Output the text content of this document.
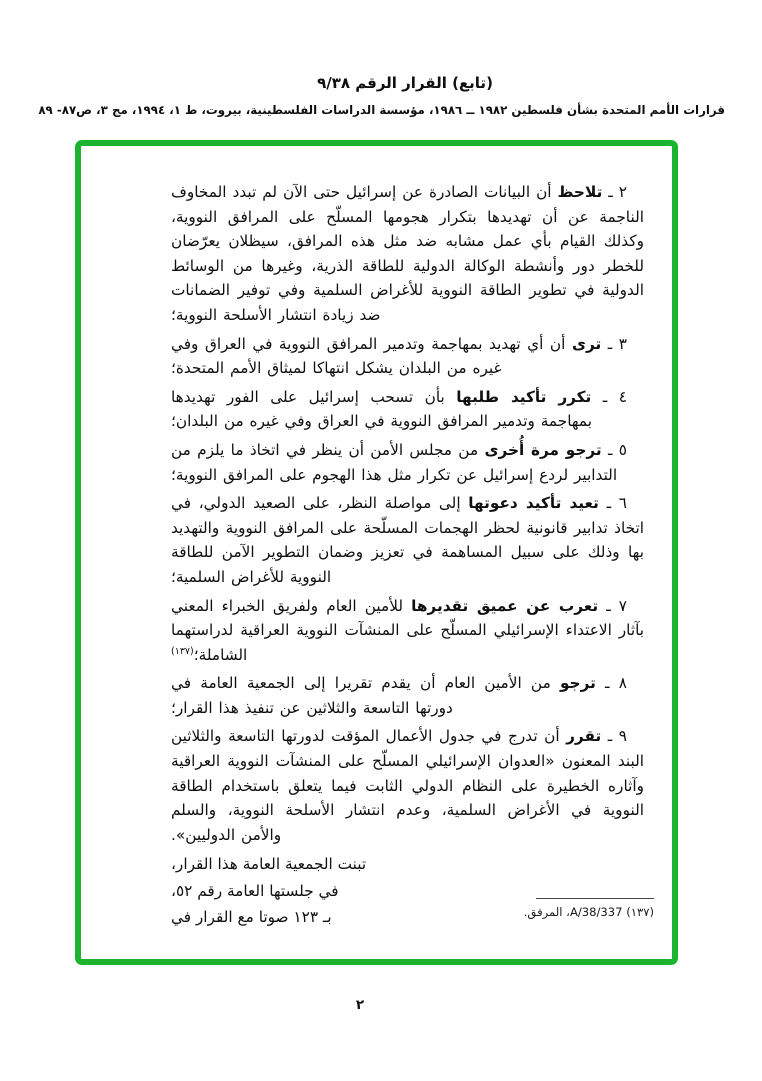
(تابع) القرار الرقم ٩/٣٨
قرارات الأمم المتحدة بشأن فلسطين ١٩٨٢ ــ ١٩٨٦، مؤسسة الدراسات الفلسطينية، بيروت، ط ١، ١٩٩٤، مج ٣، ص٨٧- ٨٩

٢ ـ تلاحظ أن البيانات الصادرة عن إسرائيل حتى الآن لم تبدد المخاوف الناجمة عن أن تهديدها بتكرار هجومها المسلّح على المرافق النووية، وكذلك القيام بأي عمل مشابه ضد مثل هذه المرافق، سيظلان يعرّضان للخطر دور وأنشطة الوكالة الدولية للطاقة الذرية، وغيرها من الوسائط الدولية في تطوير الطاقة النووية للأغراض السلمية وفي توفير الضمانات ضد زيادة انتشار الأسلحة النووية؛

٣ ـ ترى أن أي تهديد بمهاجمة وتدمير المرافق النووية في العراق وفي غيره من البلدان يشكل انتهاكا لميثاق الأمم المتحدة؛

٤ ـ تكرر تأكيد طلبها بأن تسحب إسرائيل على الفور تهديدها بمهاجمة وتدمير المرافق النووية في العراق وفي غيره من البلدان؛

٥ ـ ترجو مرة أُخرى من مجلس الأمن أن ينظر في اتخاذ ما يلزم من التدابير لردع إسرائيل عن تكرار مثل هذا الهجوم على المرافق النووية؛

٦ ـ تعيد تأكيد دعوتها إلى مواصلة النظر، على الصعيد الدولي، في اتخاذ تدابير قانونية لحظر الهجمات المسلّحة على المرافق النووية والتهديد بها وذلك على سبيل المساهمة في تعزيز وضمان التطوير الآمن للطاقة النووية للأغراض السلمية؛

٧ ـ تعرب عن عميق تقديرها للأمين العام ولفريق الخبراء المعني بآثار الاعتداء الإسرائيلي المسلّح على المنشآت النووية العراقية لدراستهما الشاملة؛$^{(١٣٧)}$

٨ ـ ترجو من الأمين العام أن يقدم تقريرا إلى الجمعية العامة في دورتها التاسعة والثلاثين عن تنفيذ هذا القرار؛

٩ ـ تقرر أن تدرج في جدول الأعمال المؤقت لدورتها التاسعة والثلاثين البند المعنون «العدوان الإسرائيلي المسلّح على المنشآت النووية العراقية وآثاره الخطيرة على النظام الدولي الثابت فيما يتعلق باستخدام الطاقة النووية في الأغراض السلمية، وعدم انتشار الأسلحة النووية، والسلم والأمن الدوليين».

تبنت الجمعية العامة هذا القرار،
في جلستها العامة رقم ٥٢،
بـ ١٢٣ صوتا مع القرار في	(١٣٧) A/38/337، المرفق.
٢
